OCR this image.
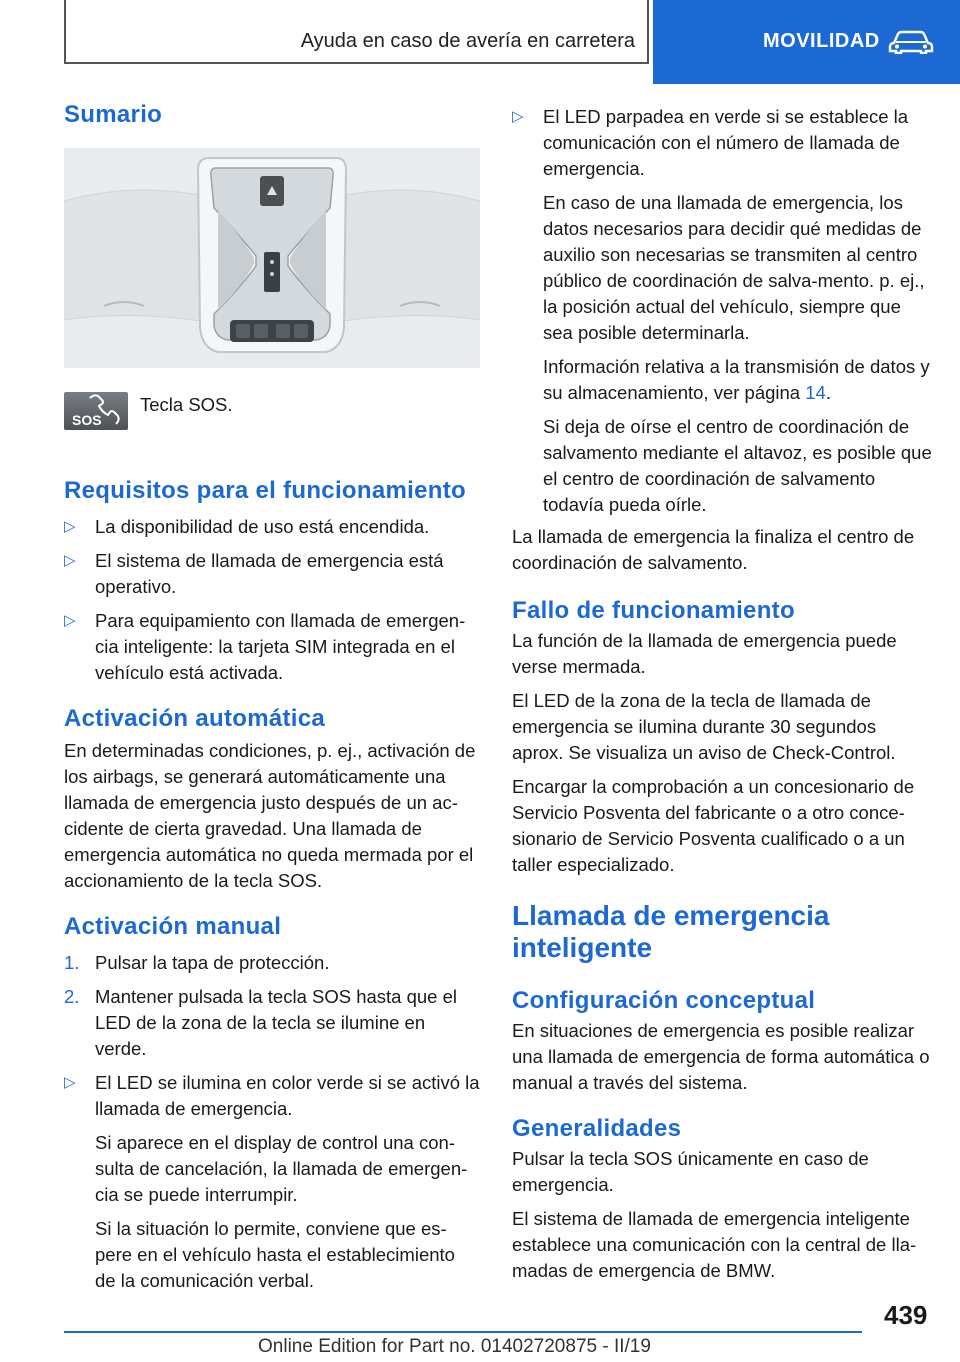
Ayuda en caso de avería en carretera	MOVILIDAD
Sumario
SOS
Tecla SOS.
Requisitos para el funcionamiento
▷ La disponibilidad de uso está encendida.
▷ El sistema de llamada de emergencia está operativo.
▷ Para equipamiento con llamada de emergen‐cia inteligente: la tarjeta SIM integrada en el vehículo está activada.
Activación automática
En determinadas condiciones, p. ej., activación de los airbags, se generará automáticamente una llamada de emergencia justo después de un ac‐cidente de cierta gravedad. Una llamada de emergencia automática no queda mermada por el accionamiento de la tecla SOS.
Activación manual
1. Pulsar la tapa de protección.
2. Mantener pulsada la tecla SOS hasta que el LED de la zona de la tecla se ilumine en verde.
▷ El LED se ilumina en color verde si se activó la llamada de emergencia.
Si aparece en el display de control una con‐sulta de cancelación, la llamada de emergen‐cia se puede interrumpir.
Si la situación lo permite, conviene que es‐pere en el vehículo hasta el establecimiento de la comunicación verbal.
▷ El LED parpadea en verde si se establece la comunicación con el número de llamada de emergencia.
En caso de una llamada de emergencia, los datos necesarios para decidir qué medidas de auxilio son necesarias se transmiten al centro público de coordinación de salva‐mento. p. ej., la posición actual del vehículo, siempre que sea posible determinarla.
Información relativa a la transmisión de datos y su almacenamiento, ver página 14.
Si deja de oírse el centro de coordinación de salvamento mediante el altavoz, es posible que el centro de coordinación de salvamento todavía pueda oírle.
La llamada de emergencia la finaliza el centro de coordinación de salvamento.
Fallo de funcionamiento
La función de la llamada de emergencia puede verse mermada.
El LED de la zona de la tecla de llamada de emergencia se ilumina durante 30 segundos aprox. Se visualiza un aviso de Check-Control.
Encargar la comprobación a un concesionario de Servicio Posventa del fabricante o a otro conce‐sionario de Servicio Posventa cualificado o a un taller especializado.
Llamada de emergencia inteligente
Configuración conceptual
En situaciones de emergencia es posible realizar una llamada de emergencia de forma automática o manual a través del sistema.
Generalidades
Pulsar la tecla SOS únicamente en caso de emergencia.
El sistema de llamada de emergencia inteligente establece una comunicación con la central de lla‐madas de emergencia de BMW.
439
Online Edition for Part no. 01402720875 - II/19
